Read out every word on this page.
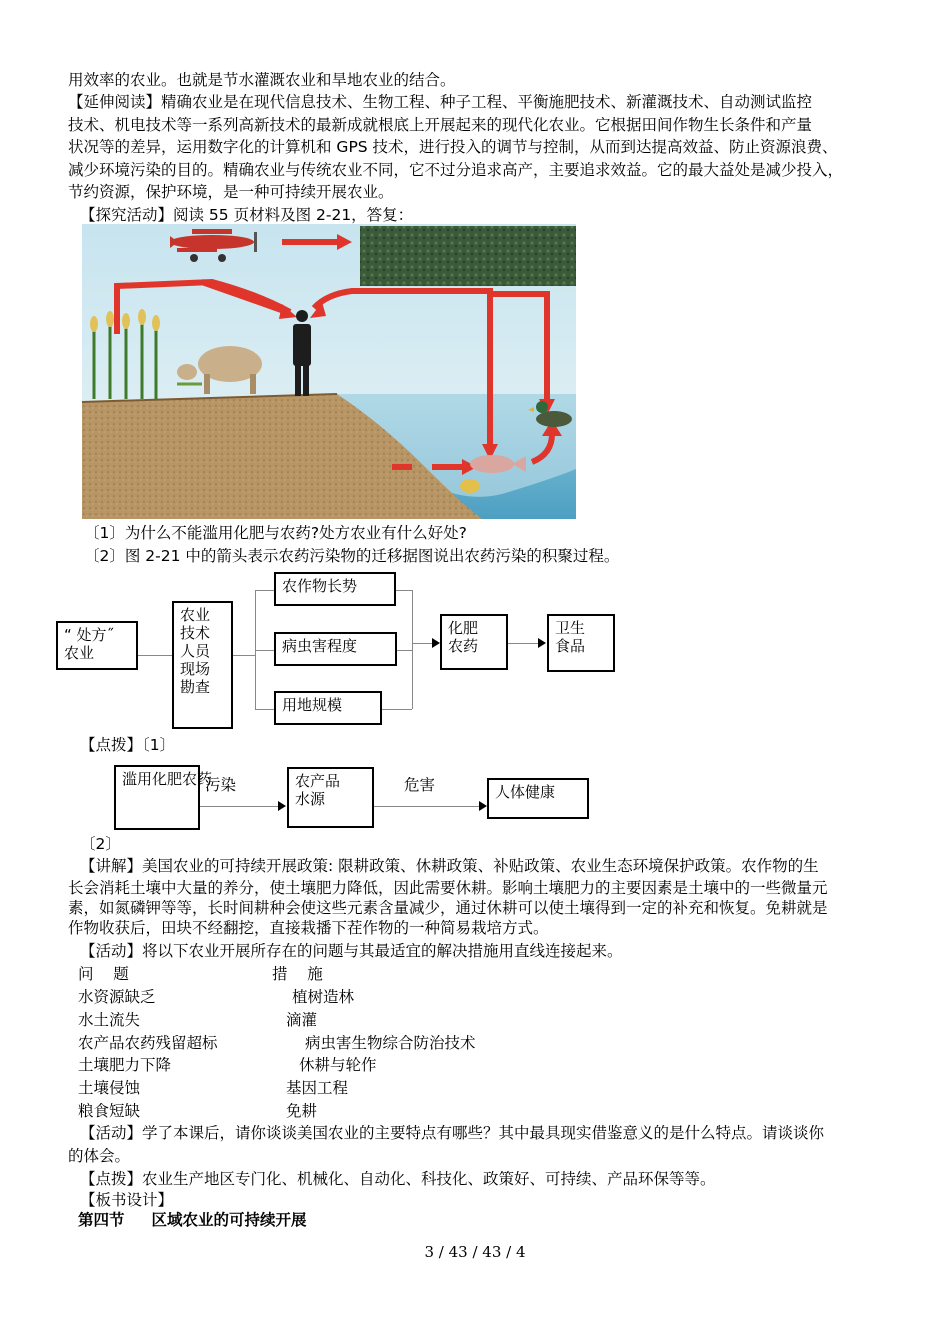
用效率的农业。也就是节水灌溉农业和旱地农业的结合。
【延伸阅读】精确农业是在现代信息技术、生物工程、种子工程、平衡施肥技术、新灌溉技术、自动测试监控
技术、机电技术等一系列高新技术的最新成就根底上开展起来的现代化农业。它根据田间作物生长条件和产量
状况等的差异，运用数字化的计算机和 GPS 技术，进行投入的调节与控制，从而到达提高效益、防止资源浪费、
减少环境污染的目的。精确农业与传统农业不同，它不过分追求高产，主要追求效益。它的最大益处是减少投入，
节约资源，保护环境，是一种可持续开展农业。
【探究活动】阅读 55 页材料及图 2-21，答复：
〔1〕为什么不能滥用化肥与农药?处方农业有什么好处?
〔2〕图 2-21 中的箭头表示农药污染物的迁移据图说出农药污染的积聚过程。
“ 处方˝
农业
农业
技术
人员
现场
勘查
农作物长势
病虫害程度
用地规模
化肥
农药
卫生
食品
【点拨】〔1〕
滥用化肥农药
污染	农产品
水源
危害	人体健康
〔2〕
【讲解】美国农业的可持续开展政策: 限耕政策、休耕政策、补贴政策、农业生态环境保护政策。农作物的生
长会消耗土壤中大量的养分，使土壤肥力降低，因此需要休耕。影响土壤肥力的主要因素是土壤中的一些微量元
素，如氮磷钾等等，长时间耕种会使这些元素含量减少，通过休耕可以使土壤得到一定的补充和恢复。免耕就是
作物收获后，田块不经翻挖，直接栽播下茬作物的一种简易栽培方式。
【活动】将以下农业开展所存在的问题与其最适宜的解决措施用直线连接起来。
问    题	措    施
水资源缺乏	植树造林
水土流失	滴灌
农产品农药残留超标	病虫害生物综合防治技术
土壤肥力下降	休耕与轮作
土壤侵蚀	基因工程
粮食短缺	免耕
【活动】学了本课后，请你谈谈美国农业的主要特点有哪些？其中最具现实借鉴意义的是什么特点。请谈谈你
的体会。
【点拨】农业生产地区专门化、机械化、自动化、科技化、政策好、可持续、产品环保等等。
【板书设计】
第四节     区域农业的可持续开展
3 / 43 / 43 / 4
